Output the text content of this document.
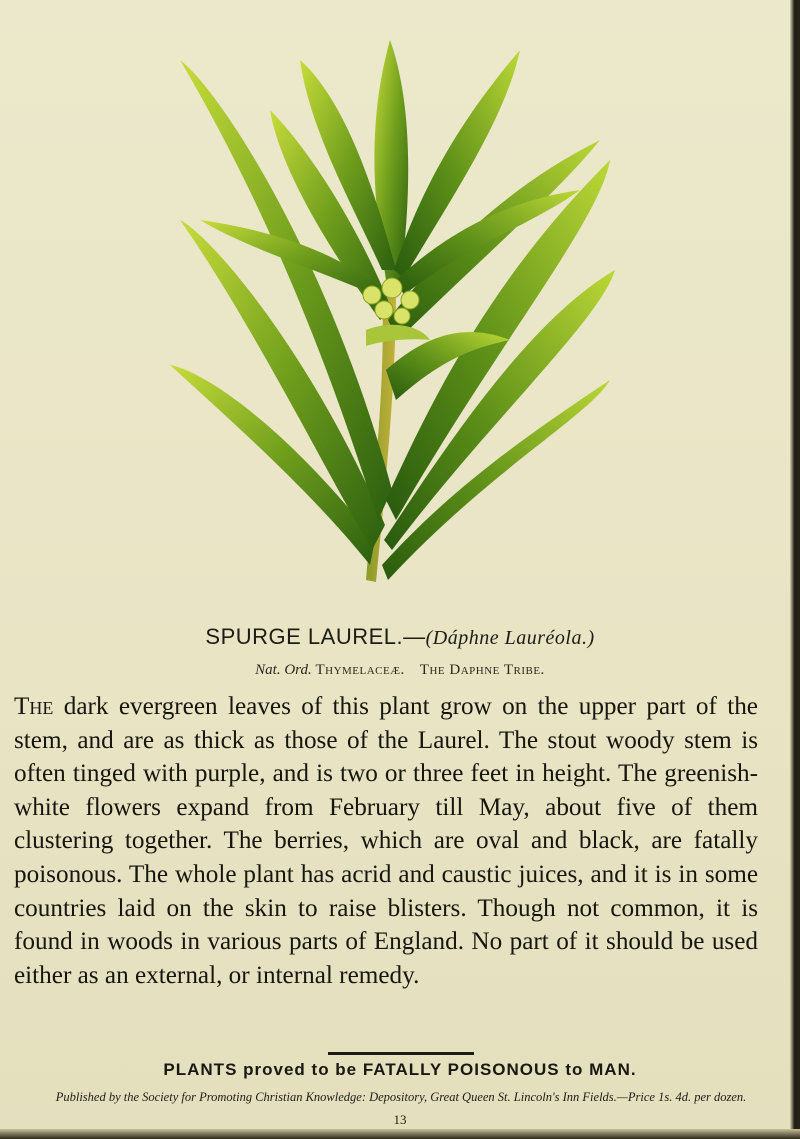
SPURGE LAUREL.—(Dáphne Lauréola.)
Nat. Ord. Thymelaceæ. The Daphne Tribe.
The dark evergreen leaves of this plant grow on the upper part of the stem, and are as thick as those of the Laurel. The stout woody stem is often tinged with purple, and is two or three feet in height. The greenish-white flowers expand from February till May, about five of them clustering together. The berries, which are oval and black, are fatally poisonous. The whole plant has acrid and caustic juices, and it is in some countries laid on the skin to raise blisters. Though not common, it is found in woods in various parts of England. No part of it should be used either as an external, or internal remedy.
PLANTS proved to be FATALLY POISONOUS to MAN.
Published by the Society for Promoting Christian Knowledge: Depository, Great Queen St. Lincoln's Inn Fields.—Price 1s. 4d. per dozen.
13
